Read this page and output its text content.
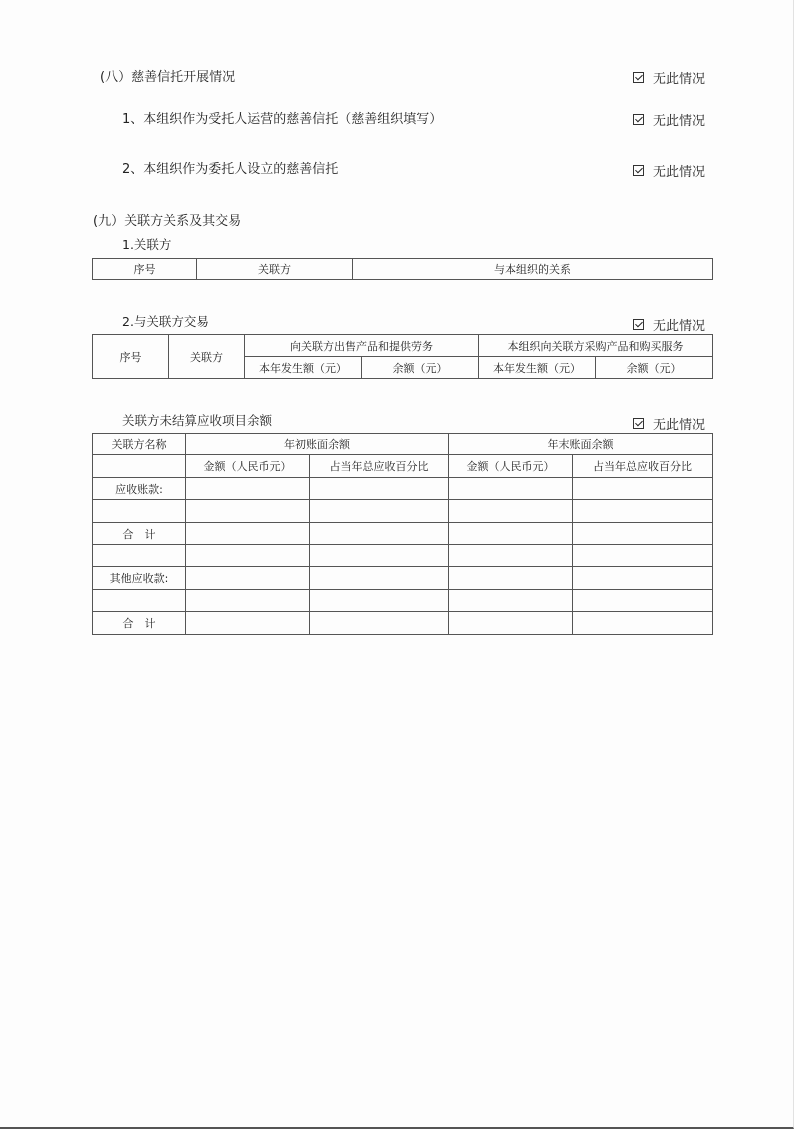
(八）慈善信托开展情况	无此情况
1、本组织作为受托人运营的慈善信托（慈善组织填写）	无此情况
2、本组织作为委托人设立的慈善信托	无此情况
(九）关联方关系及其交易
1.关联方
序号	关联方	与本组织的关系
2.与关联方交易	无此情况
序号	关联方	向关联方出售产品和提供劳务		本组织向关联方采购产品和购买服务	
		本年发生额（元）	余额（元）	本年发生额（元）	余额（元）
关联方未结算应收项目余额	无此情况
关联方名称	年初账面余额		年末账面余额	
	金额（人民币元）	占当年总应收百分比	金额（人民币元）	占当年总应收百分比
应收账款:				

合　计				

其他应收款:				

合　计				
